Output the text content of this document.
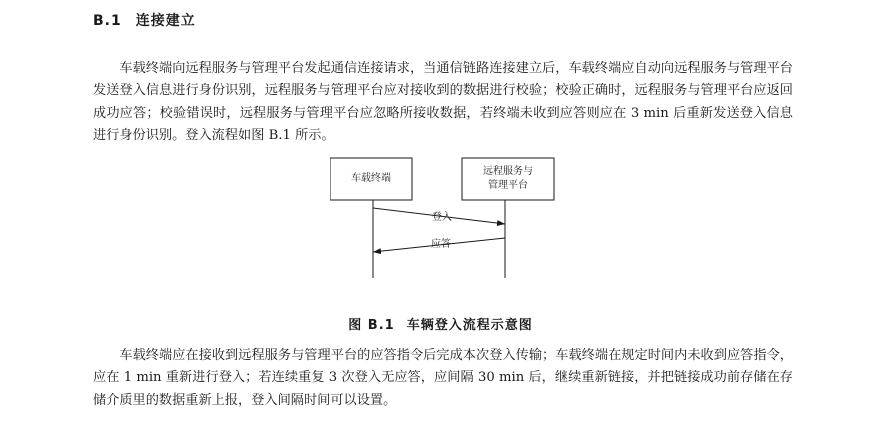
B.1 连接建立

车载终端向远程服务与管理平台发起通信连接请求，当通信链路连接建立后，车载终端应自动向远程服务与管理平台发送登入信息进行身份识别，远程服务与管理平台应对接收到的数据进行校验；校验正确时，远程服务与管理平台应返回成功应答；校验错误时，远程服务与管理平台应忽略所接收数据，若终端未收到应答则应在 3 min 后重新发送登入信息进行身份识别。登入流程如图 B.1 所示。

车载终端
远程服务与
管理平台
登入
应答
图 B.1 车辆登入流程示意图

车载终端应在接收到远程服务与管理平台的应答指令后完成本次登入传输；车载终端在规定时间内未收到应答指令，应在 1 min 重新进行登入；若连续重复 3 次登入无应答，应间隔 30 min 后，继续重新链接，并把链接成功前存储在存储介质里的数据重新上报，登入间隔时间可以设置。
